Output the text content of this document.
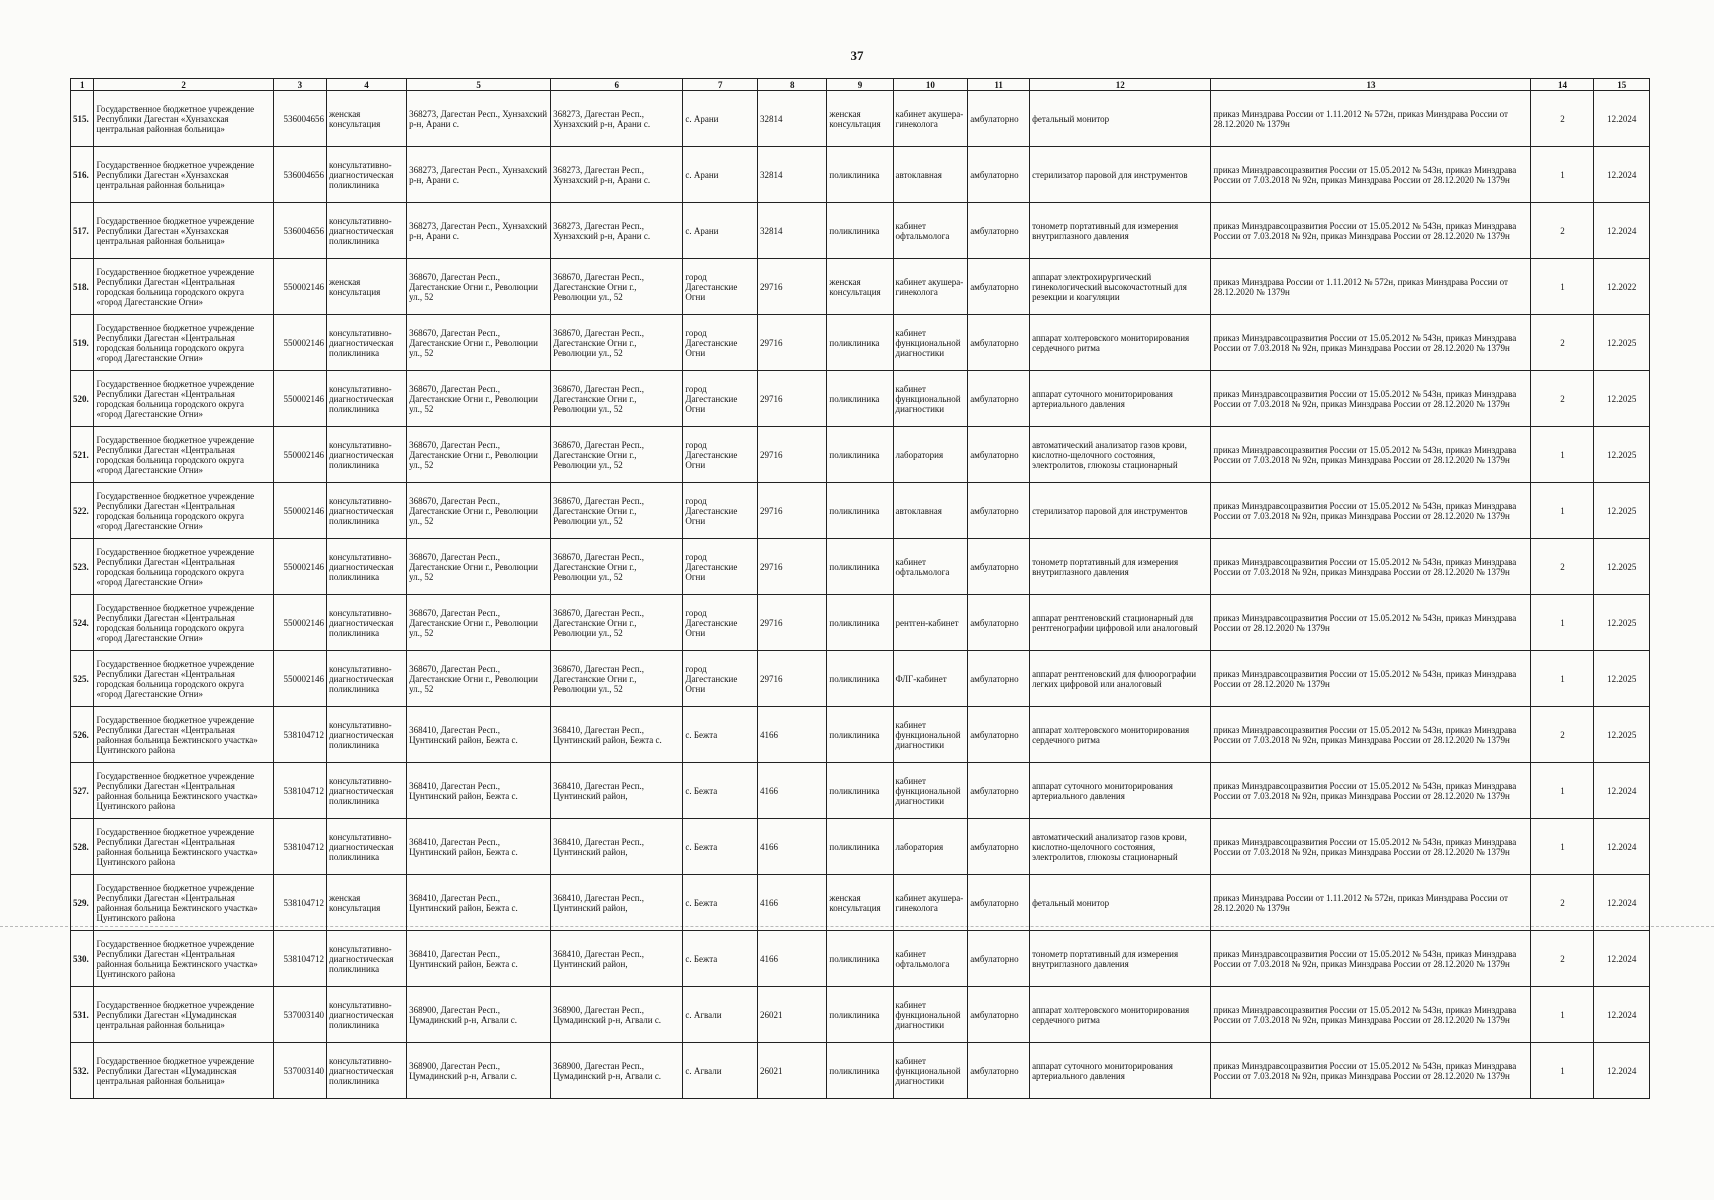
37
1	2	3	4	5	6	7	8	9	10	11	12	13	14	15
515.	Государственное бюджетное учреждение Республики Дагестан «Хунзахская центральная районная больница»	536004656	женская консультация	368273, Дагестан Респ., Хунзахский р-н, Арани с.	368273, Дагестан Респ., Хунзахский р-н, Арани с.	с. Арани	32814	женская консультация	кабинет акушера-гинеколога	амбулаторно	фетальный монитор	приказ Минздрава России от 1.11.2012 № 572н, приказ Минздрава России от 28.12.2020 № 1379н	2	12.2024
516.	Государственное бюджетное учреждение Республики Дагестан «Хунзахская центральная районная больница»	536004656	консультативно-диагностическая поликлиника	368273, Дагестан Респ., Хунзахский р-н, Арани с.	368273, Дагестан Респ., Хунзахский р-н, Арани с.	с. Арани	32814	поликлиника	автоклавная	амбулаторно	стерилизатор паровой для инструментов	приказ Минздравсоцразвития России от 15.05.2012 № 543н, приказ Минздрава России от 7.03.2018 № 92н, приказ Минздрава России от 28.12.2020 № 1379н	1	12.2024
517.	Государственное бюджетное учреждение Республики Дагестан «Хунзахская центральная районная больница»	536004656	консультативно-диагностическая поликлиника	368273, Дагестан Респ., Хунзахский р-н, Арани с.	368273, Дагестан Респ., Хунзахский р-н, Арани с.	с. Арани	32814	поликлиника	кабинет офтальмолога	амбулаторно	тонометр портативный для измерения внутриглазного давления	приказ Минздравсоцразвития России от 15.05.2012 № 543н, приказ Минздрава России от 7.03.2018 № 92н, приказ Минздрава России от 28.12.2020 № 1379н	2	12.2024
518.	Государственное бюджетное учреждение Республики Дагестан «Центральная городская больница городского округа «город Дагестанские Огни»	550002146	женская консультация	368670, Дагестан Респ., Дагестанские Огни г., Революции ул., 52	368670, Дагестан Респ., Дагестанские Огни г., Революции ул., 52	город Дагестанские Огни	29716	женская консультация	кабинет акушера-гинеколога	амбулаторно	аппарат электрохирургический гинекологический высокочастотный для резекции и коагуляции	приказ Минздрава России от 1.11.2012 № 572н, приказ Минздрава России от 28.12.2020 № 1379н	1	12.2022
519.	Государственное бюджетное учреждение Республики Дагестан «Центральная городская больница городского округа «город Дагестанские Огни»	550002146	консультативно-диагностическая поликлиника	368670, Дагестан Респ., Дагестанские Огни г., Революции ул., 52	368670, Дагестан Респ., Дагестанские Огни г., Революции ул., 52	город Дагестанские Огни	29716	поликлиника	кабинет функциональной диагностики	амбулаторно	аппарат холтеровского мониторирования сердечного ритма	приказ Минздравсоцразвития России от 15.05.2012 № 543н, приказ Минздрава России от 7.03.2018 № 92н, приказ Минздрава России от 28.12.2020 № 1379н	2	12.2025
520.	Государственное бюджетное учреждение Республики Дагестан «Центральная городская больница городского округа «город Дагестанские Огни»	550002146	консультативно-диагностическая поликлиника	368670, Дагестан Респ., Дагестанские Огни г., Революции ул., 52	368670, Дагестан Респ., Дагестанские Огни г., Революции ул., 52	город Дагестанские Огни	29716	поликлиника	кабинет функциональной диагностики	амбулаторно	аппарат суточного мониторирования артериального давления	приказ Минздравсоцразвития России от 15.05.2012 № 543н, приказ Минздрава России от 7.03.2018 № 92н, приказ Минздрава России от 28.12.2020 № 1379н	2	12.2025
521.	Государственное бюджетное учреждение Республики Дагестан «Центральная городская больница городского округа «город Дагестанские Огни»	550002146	консультативно-диагностическая поликлиника	368670, Дагестан Респ., Дагестанские Огни г., Революции ул., 52	368670, Дагестан Респ., Дагестанские Огни г., Революции ул., 52	город Дагестанские Огни	29716	поликлиника	лаборатория	амбулаторно	автоматический анализатор газов крови, кислотно-щелочного состояния, электролитов, глюкозы стационарный	приказ Минздравсоцразвития России от 15.05.2012 № 543н, приказ Минздрава России от 7.03.2018 № 92н, приказ Минздрава России от 28.12.2020 № 1379н	1	12.2025
522.	Государственное бюджетное учреждение Республики Дагестан «Центральная городская больница городского округа «город Дагестанские Огни»	550002146	консультативно-диагностическая поликлиника	368670, Дагестан Респ., Дагестанские Огни г., Революции ул., 52	368670, Дагестан Респ., Дагестанские Огни г., Революции ул., 52	город Дагестанские Огни	29716	поликлиника	автоклавная	амбулаторно	стерилизатор паровой для инструментов	приказ Минздравсоцразвития России от 15.05.2012 № 543н, приказ Минздрава России от 7.03.2018 № 92н, приказ Минздрава России от 28.12.2020 № 1379н	1	12.2025
523.	Государственное бюджетное учреждение Республики Дагестан «Центральная городская больница городского округа «город Дагестанские Огни»	550002146	консультативно-диагностическая поликлиника	368670, Дагестан Респ., Дагестанские Огни г., Революции ул., 52	368670, Дагестан Респ., Дагестанские Огни г., Революции ул., 52	город Дагестанские Огни	29716	поликлиника	кабинет офтальмолога	амбулаторно	тонометр портативный для измерения внутриглазного давления	приказ Минздравсоцразвития России от 15.05.2012 № 543н, приказ Минздрава России от 7.03.2018 № 92н, приказ Минздрава России от 28.12.2020 № 1379н	2	12.2025
524.	Государственное бюджетное учреждение Республики Дагестан «Центральная городская больница городского округа «город Дагестанские Огни»	550002146	консультативно-диагностическая поликлиника	368670, Дагестан Респ., Дагестанские Огни г., Революции ул., 52	368670, Дагестан Респ., Дагестанские Огни г., Революции ул., 52	город Дагестанские Огни	29716	поликлиника	рентген-кабинет	амбулаторно	аппарат рентгеновский стационарный для рентгенографии цифровой или аналоговый	приказ Минздравсоцразвития России от 15.05.2012 № 543н, приказ Минздрава России от 28.12.2020 № 1379н	1	12.2025
525.	Государственное бюджетное учреждение Республики Дагестан «Центральная городская больница городского округа «город Дагестанские Огни»	550002146	консультативно-диагностическая поликлиника	368670, Дагестан Респ., Дагестанские Огни г., Революции ул., 52	368670, Дагестан Респ., Дагестанские Огни г., Революции ул., 52	город Дагестанские Огни	29716	поликлиника	ФЛГ-кабинет	амбулаторно	аппарат рентгеновский для флюорографии легких цифровой или аналоговый	приказ Минздравсоцразвития России от 15.05.2012 № 543н, приказ Минздрава России от 28.12.2020 № 1379н	1	12.2025
526.	Государственное бюджетное учреждение Республики Дагестан «Центральная районная больница Бежтинского участка» Цунтинского района	538104712	консультативно-диагностическая поликлиника	368410, Дагестан Респ., Цунтинский район, Бежта с.	368410, Дагестан Респ., Цунтинский район, Бежта с.	с. Бежта	4166	поликлиника	кабинет функциональной диагностики	амбулаторно	аппарат холтеровского мониторирования сердечного ритма	приказ Минздравсоцразвития России от 15.05.2012 № 543н, приказ Минздрава России от 7.03.2018 № 92н, приказ Минздрава России от 28.12.2020 № 1379н	2	12.2025
527.	Государственное бюджетное учреждение Республики Дагестан «Центральная районная больница Бежтинского участка» Цунтинского района	538104712	консультативно-диагностическая поликлиника	368410, Дагестан Респ., Цунтинский район, Бежта с.	368410, Дагестан Респ., Цунтинский район,	с. Бежта	4166	поликлиника	кабинет функциональной диагностики	амбулаторно	аппарат суточного мониторирования артериального давления	приказ Минздравсоцразвития России от 15.05.2012 № 543н, приказ Минздрава России от 7.03.2018 № 92н, приказ Минздрава России от 28.12.2020 № 1379н	1	12.2024
528.	Государственное бюджетное учреждение Республики Дагестан «Центральная районная больница Бежтинского участка» Цунтинского района	538104712	консультативно-диагностическая поликлиника	368410, Дагестан Респ., Цунтинский район, Бежта с.	368410, Дагестан Респ., Цунтинский район,	с. Бежта	4166	поликлиника	лаборатория	амбулаторно	автоматический анализатор газов крови, кислотно-щелочного состояния, электролитов, глюкозы стационарный	приказ Минздравсоцразвития России от 15.05.2012 № 543н, приказ Минздрава России от 7.03.2018 № 92н, приказ Минздрава России от 28.12.2020 № 1379н	1	12.2024
529.	Государственное бюджетное учреждение Республики Дагестан «Центральная районная больница Бежтинского участка» Цунтинского района	538104712	женская консультация	368410, Дагестан Респ., Цунтинский район, Бежта с.	368410, Дагестан Респ., Цунтинский район,	с. Бежта	4166	женская консультация	кабинет акушера-гинеколога	амбулаторно	фетальный монитор	приказ Минздрава России от 1.11.2012 № 572н, приказ Минздрава России от 28.12.2020 № 1379н	2	12.2024
530.	Государственное бюджетное учреждение Республики Дагестан «Центральная районная больница Бежтинского участка» Цунтинского района	538104712	консультативно-диагностическая поликлиника	368410, Дагестан Респ., Цунтинский район, Бежта с.	368410, Дагестан Респ., Цунтинский район,	с. Бежта	4166	поликлиника	кабинет офтальмолога	амбулаторно	тонометр портативный для измерения внутриглазного давления	приказ Минздравсоцразвития России от 15.05.2012 № 543н, приказ Минздрава России от 7.03.2018 № 92н, приказ Минздрава России от 28.12.2020 № 1379н	2	12.2024
531.	Государственное бюджетное учреждение Республики Дагестан «Цумадинская центральная районная больница»	537003140	консультативно-диагностическая поликлиника	368900, Дагестан Респ., Цумадинский р-н, Агвали с.	368900, Дагестан Респ., Цумадинский р-н, Агвали с.	с. Агвали	26021	поликлиника	кабинет функциональной диагностики	амбулаторно	аппарат холтеровского мониторирования сердечного ритма	приказ Минздравсоцразвития России от 15.05.2012 № 543н, приказ Минздрава России от 7.03.2018 № 92н, приказ Минздрава России от 28.12.2020 № 1379н	1	12.2024
532.	Государственное бюджетное учреждение Республики Дагестан «Цумадинская центральная районная больница»	537003140	консультативно-диагностическая поликлиника	368900, Дагестан Респ., Цумадинский р-н, Агвали с.	368900, Дагестан Респ., Цумадинский р-н, Агвали с.	с. Агвали	26021	поликлиника	кабинет функциональной диагностики	амбулаторно	аппарат суточного мониторирования артериального давления	приказ Минздравсоцразвития России от 15.05.2012 № 543н, приказ Минздрава России от 7.03.2018 № 92н, приказ Минздрава России от 28.12.2020 № 1379н	1	12.2024
